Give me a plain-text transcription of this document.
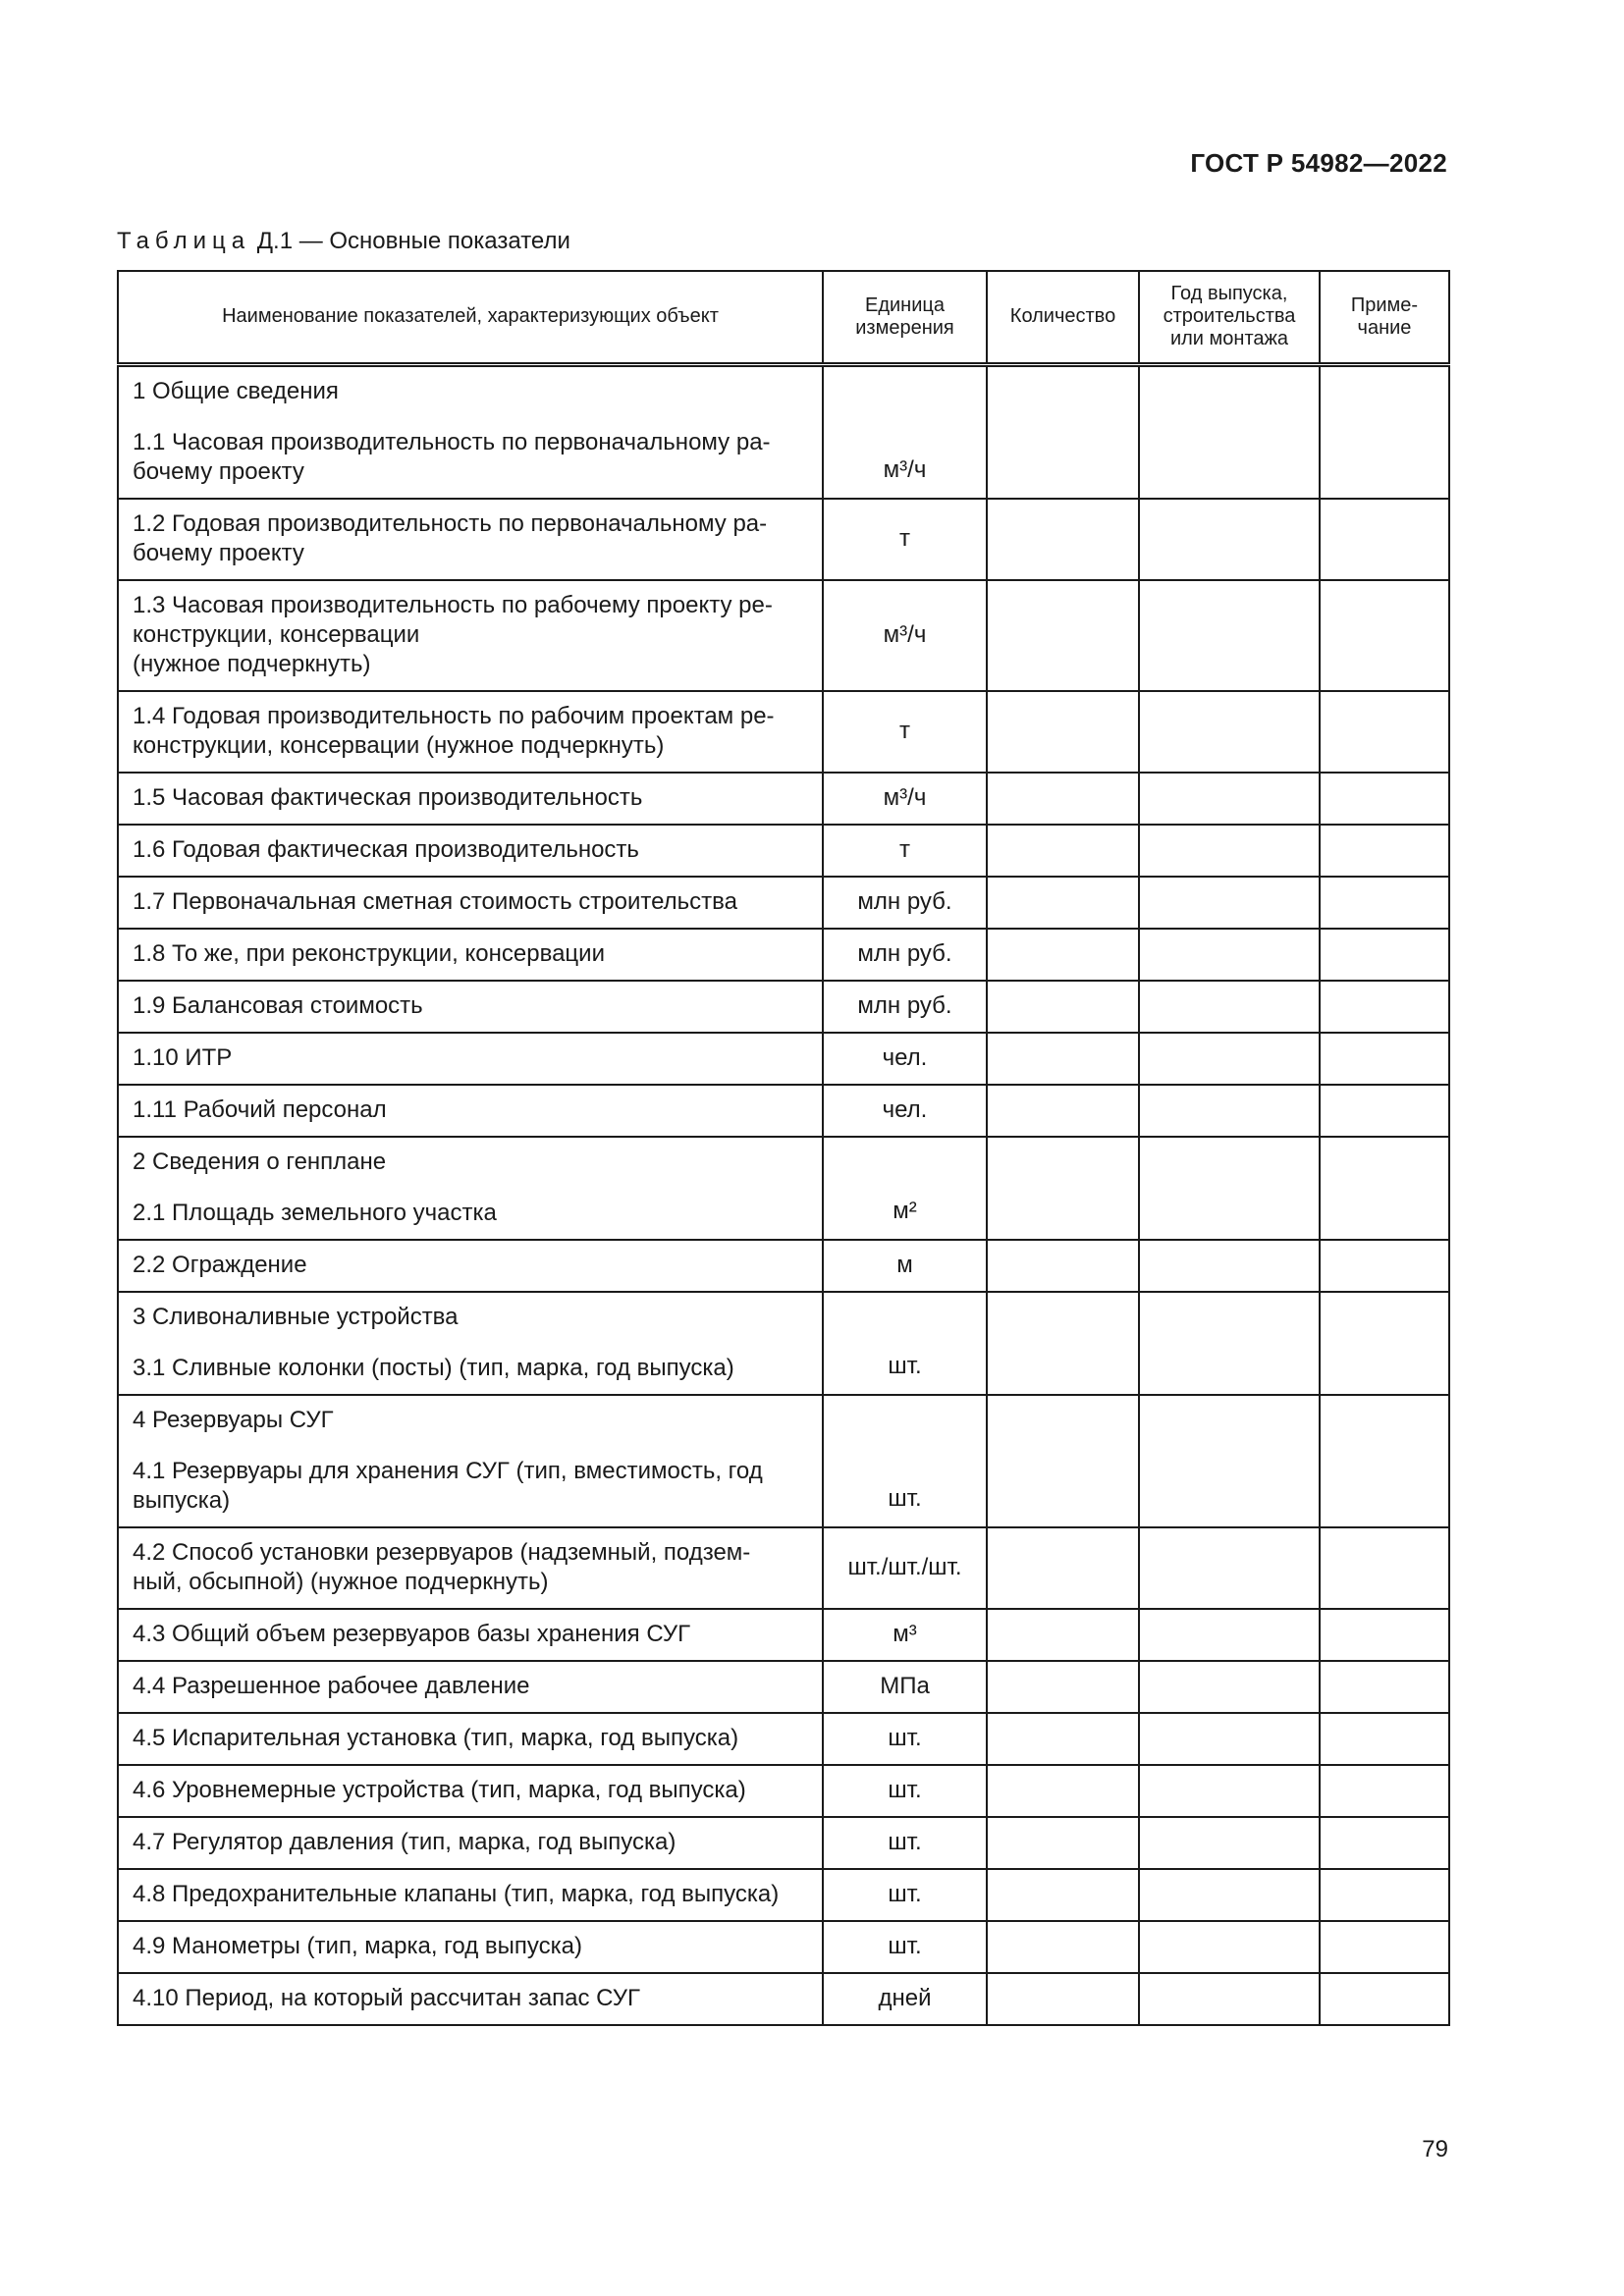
ГОСТ Р 54982—2022
Таблица Д.1 — Основные показатели
Наименование показателей, характеризующих объект	Единица измерения	Количество	Год выпуска, строительства или монтажа	Приме-чание

1 Общие сведения
1.1 Часовая производительность по первоначальному ра-
бочему проекту	м³/ч			

1.2 Годовая производительность по первоначальному ра-
бочему проекту	т			

1.3 Часовая производительность по рабочему проекту ре-
конструкции, консервации
(нужное подчеркнуть)	м³/ч			

1.4 Годовая производительность по рабочим проектам ре-
конструкции, консервации (нужное подчеркнуть)	т			

1.5 Часовая фактическая производительность	м³/ч			

1.6 Годовая фактическая производительность	т			

1.7 Первоначальная сметная стоимость строительства	млн руб.			

1.8 То же, при реконструкции, консервации	млн руб.			

1.9 Балансовая стоимость	млн руб.			

1.10 ИТР	чел.			

1.11 Рабочий персонал	чел.			

2 Сведения о генплане
2.1 Площадь земельного участка	м²			

2.2 Ограждение	м			

3 Сливоналивные устройства
3.1 Сливные колонки (посты) (тип, марка, год выпуска)	шт.			

4 Резервуары СУГ
4.1 Резервуары для хранения СУГ (тип, вместимость, год
выпуска)	шт.			

4.2 Способ установки резервуаров (надземный, подзем-
ный, обсыпной) (нужное подчеркнуть)	шт./шт./шт.			

4.3 Общий объем резервуаров базы хранения СУГ	м³			

4.4 Разрешенное рабочее давление	МПа			

4.5 Испарительная установка (тип, марка, год выпуска)	шт.			

4.6 Уровнемерные устройства (тип, марка, год выпуска)	шт.			

4.7 Регулятор давления (тип, марка, год выпуска)	шт.			

4.8 Предохранительные клапаны (тип, марка, год выпуска)	шт.			

4.9 Манометры (тип, марка, год выпуска)	шт.			

4.10 Период, на который рассчитан запас СУГ	дней			
79
